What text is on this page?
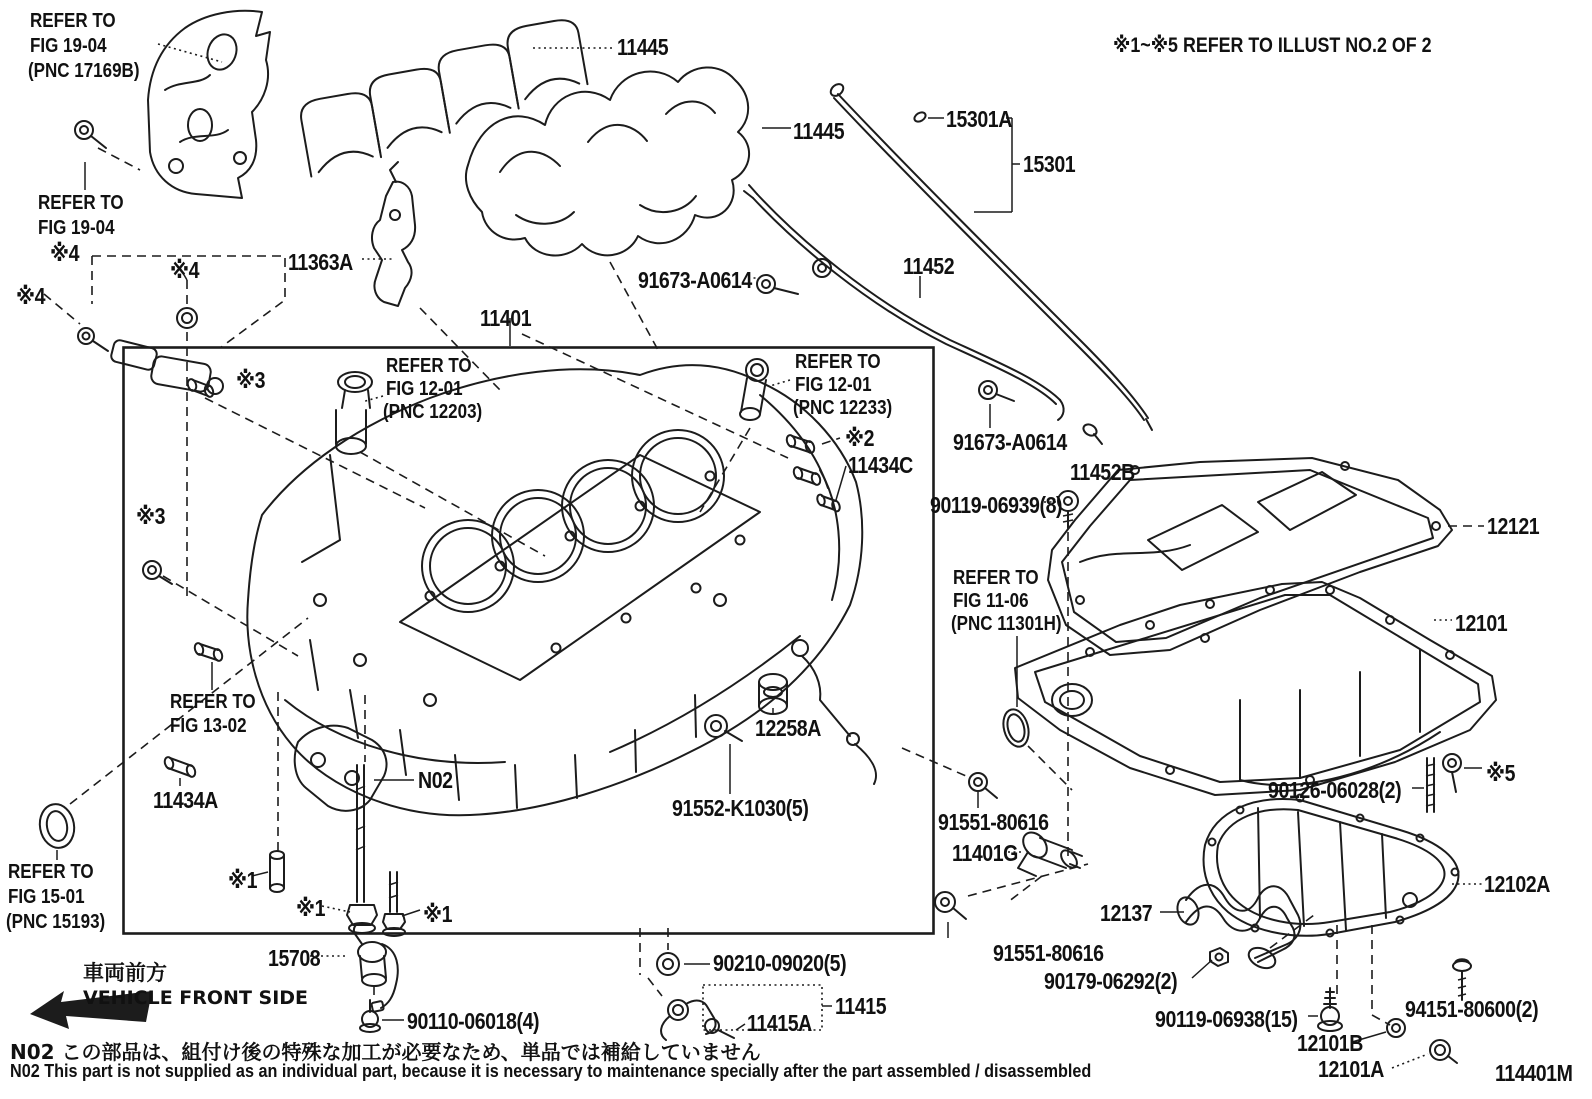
REFER TO
FIG 19-04
(PNC 17169B)
11445	※1~※5 REFER TO ILLUST NO.2 OF 2
11445	15301A
15301
REFER TO
FIG 19-04
※4
※4
※4
11363A
91673-A0614
11452
11401
REFER TO
FIG 12-01
(PNC 12203)
REFER TO
FIG 12-01
(PNC 12233)
※2
11434C
91673-A0614
11452B
90119-06939(8)
12121
※3
※3
REFER TO
FIG 11-06
(PNC 11301H)	12101
REFER TO
FIG 13-02	12258A
N02
11434A	91552-K1030(5)
91551-80616
11401G
90126-06028(2)
※5
REFER TO
FIG 15-01
(PNC 15193)
※1
※1	※1
12102A
15708
12137
91551-80616
90179-06292(2)
90210-09020(5)
車両前方
VEHICLE FRONT SIDE
90110-06018(4)
11415
11415A	90119-06938(15)	94151-80600(2)
12101B
12101A
N02 この部品は、組付け後の特殊な加工が必要なため、単品では補給していません
N02 This part is not supplied as an individual part, because it is necessary to maintenance specially after the part assembled / disassembled	114401M
